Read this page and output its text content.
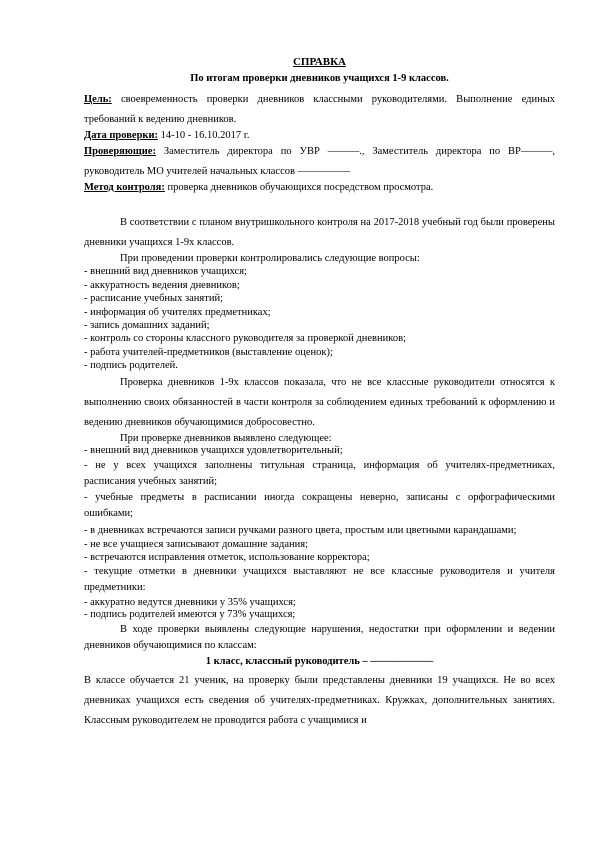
СПРАВКА
По итогам проверки дневников учащихся 1-9 классов.

Цель: своевременность проверки дневников классными руководителями. Выполнение единых требований к ведению дневников.

Дата проверки: 14-10 - 16.10.2017 г.

Проверяющие: Заместитель директора по УВР ———., Заместитель директора по ВР———, руководитель МО учителей начальных классов —————

Метод контроля: проверка дневников обучающихся посредством просмотра.

В соответствии с планом внутришкольного контроля на 2017-2018 учебный год были проверены дневники учащихся 1-9х классов.

При проведении проверки контролировались следующие вопросы:

- внешний вид дневников учащихся;
- аккуратность ведения дневников;
- расписание учебных занятий;
- информация об учителях предметниках;
- запись домашних заданий;
- контроль со стороны классного руководителя за проверкой дневников;
- работа учителей-предметников (выставление оценок);
- подпись родителей.

Проверка дневников 1-9х классов показала, что не все классные руководители относятся к выполнению своих обязанностей в части контроля за соблюдением единых требований к оформлению и ведению дневников обучающимися добросовестно.

При проверке дневников выявлено следующее:

- внешний вид дневников учащихся удовлетворительный;

- не у всех учащихся заполнены титульная страница, информация об учителях-предметниках, расписания учебных занятий;

- учебные предметы в расписании иногда сокращены неверно, записаны с орфографическими ошибками;

- в дневниках встречаются записи ручками разного цвета, простым или цветными карандашами;

- не все учащиеся записывают домашние задания;

- встречаются исправления отметок, использование корректора;

- текущие отметки в дневники учащихся выставляют не все классные руководителя и учителя предметники:

- аккуратно ведутся дневники у 35% учащихся;

- подпись родителей имеются у 73% учащихся;

В ходе проверки выявлены следующие нарушения, недостатки при оформлении и ведении дневников обучающимися по классам:

1 класс, классный руководитель – ——————

В классе обучается 21 ученик, на проверку были представлены дневники 19 учащихся. Не во всех дневниках учащихся есть сведения об учителях-предметниках. Кружках, дополнительных занятиях. Классным руководителем не проводится работа с учащимися и
